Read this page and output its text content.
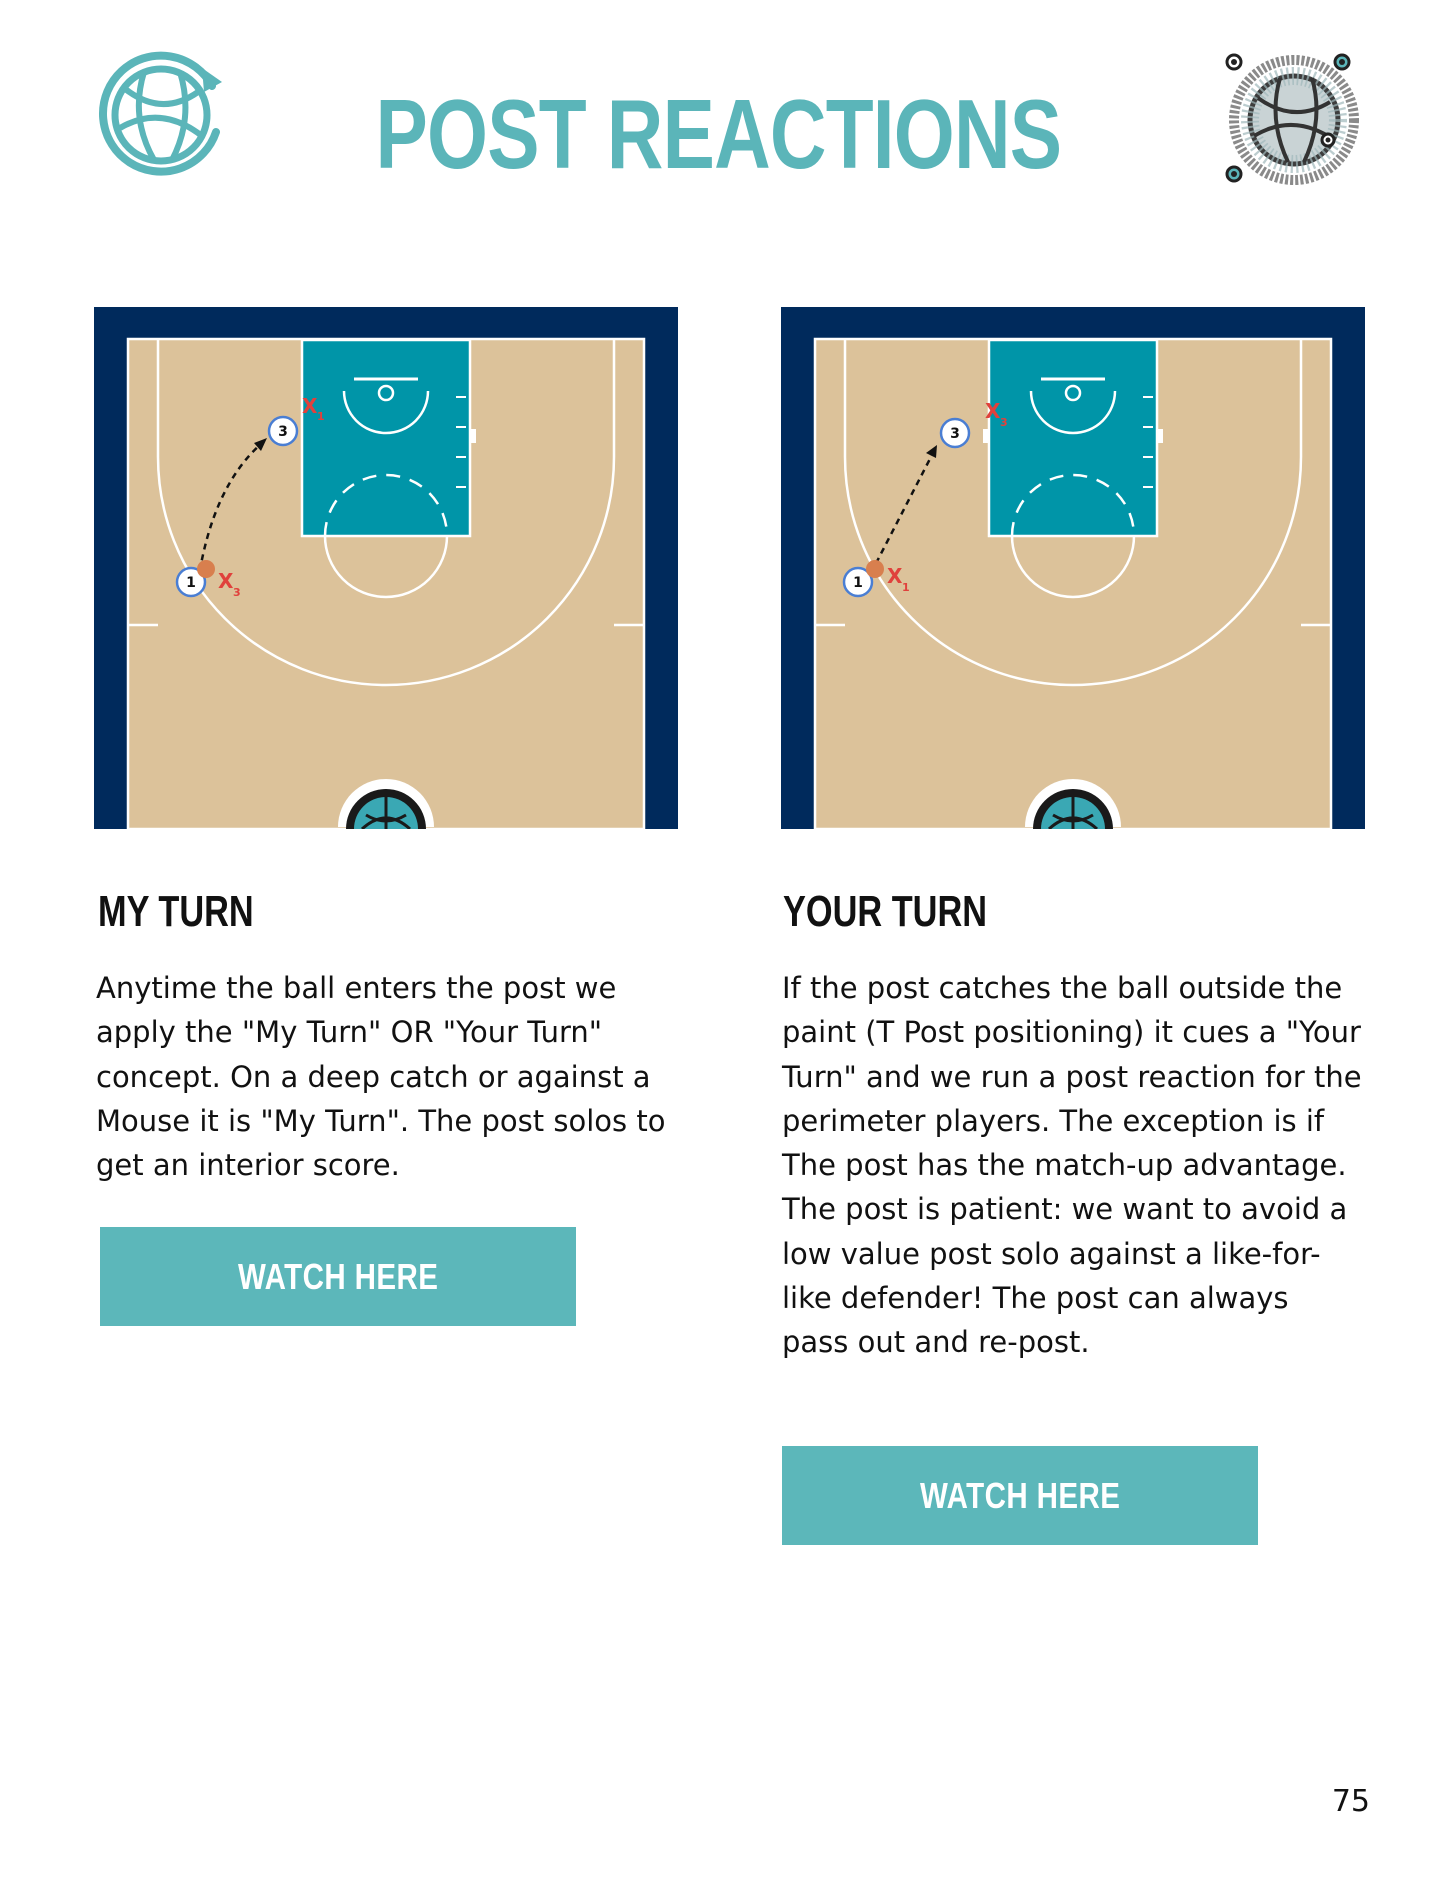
POST REACTIONS
3
1
X 1
X 3
3
1
X 3
X 1
MY TURN	YOUR TURN
Anytime the ball enters the post we apply the "My Turn" OR "Your Turn" concept. On a deep catch or against a Mouse it is "My Turn". The post solos to get an interior score.
If the post catches the ball outside the paint (T Post positioning) it cues a "Your Turn" and we run a post reaction for the perimeter players. The exception is if The post has the match-up advantage. The post is patient: we want to avoid a low value post solo against a like-for-like defender! The post can always pass out and re-post.
WATCH HERE
WATCH HERE
75
